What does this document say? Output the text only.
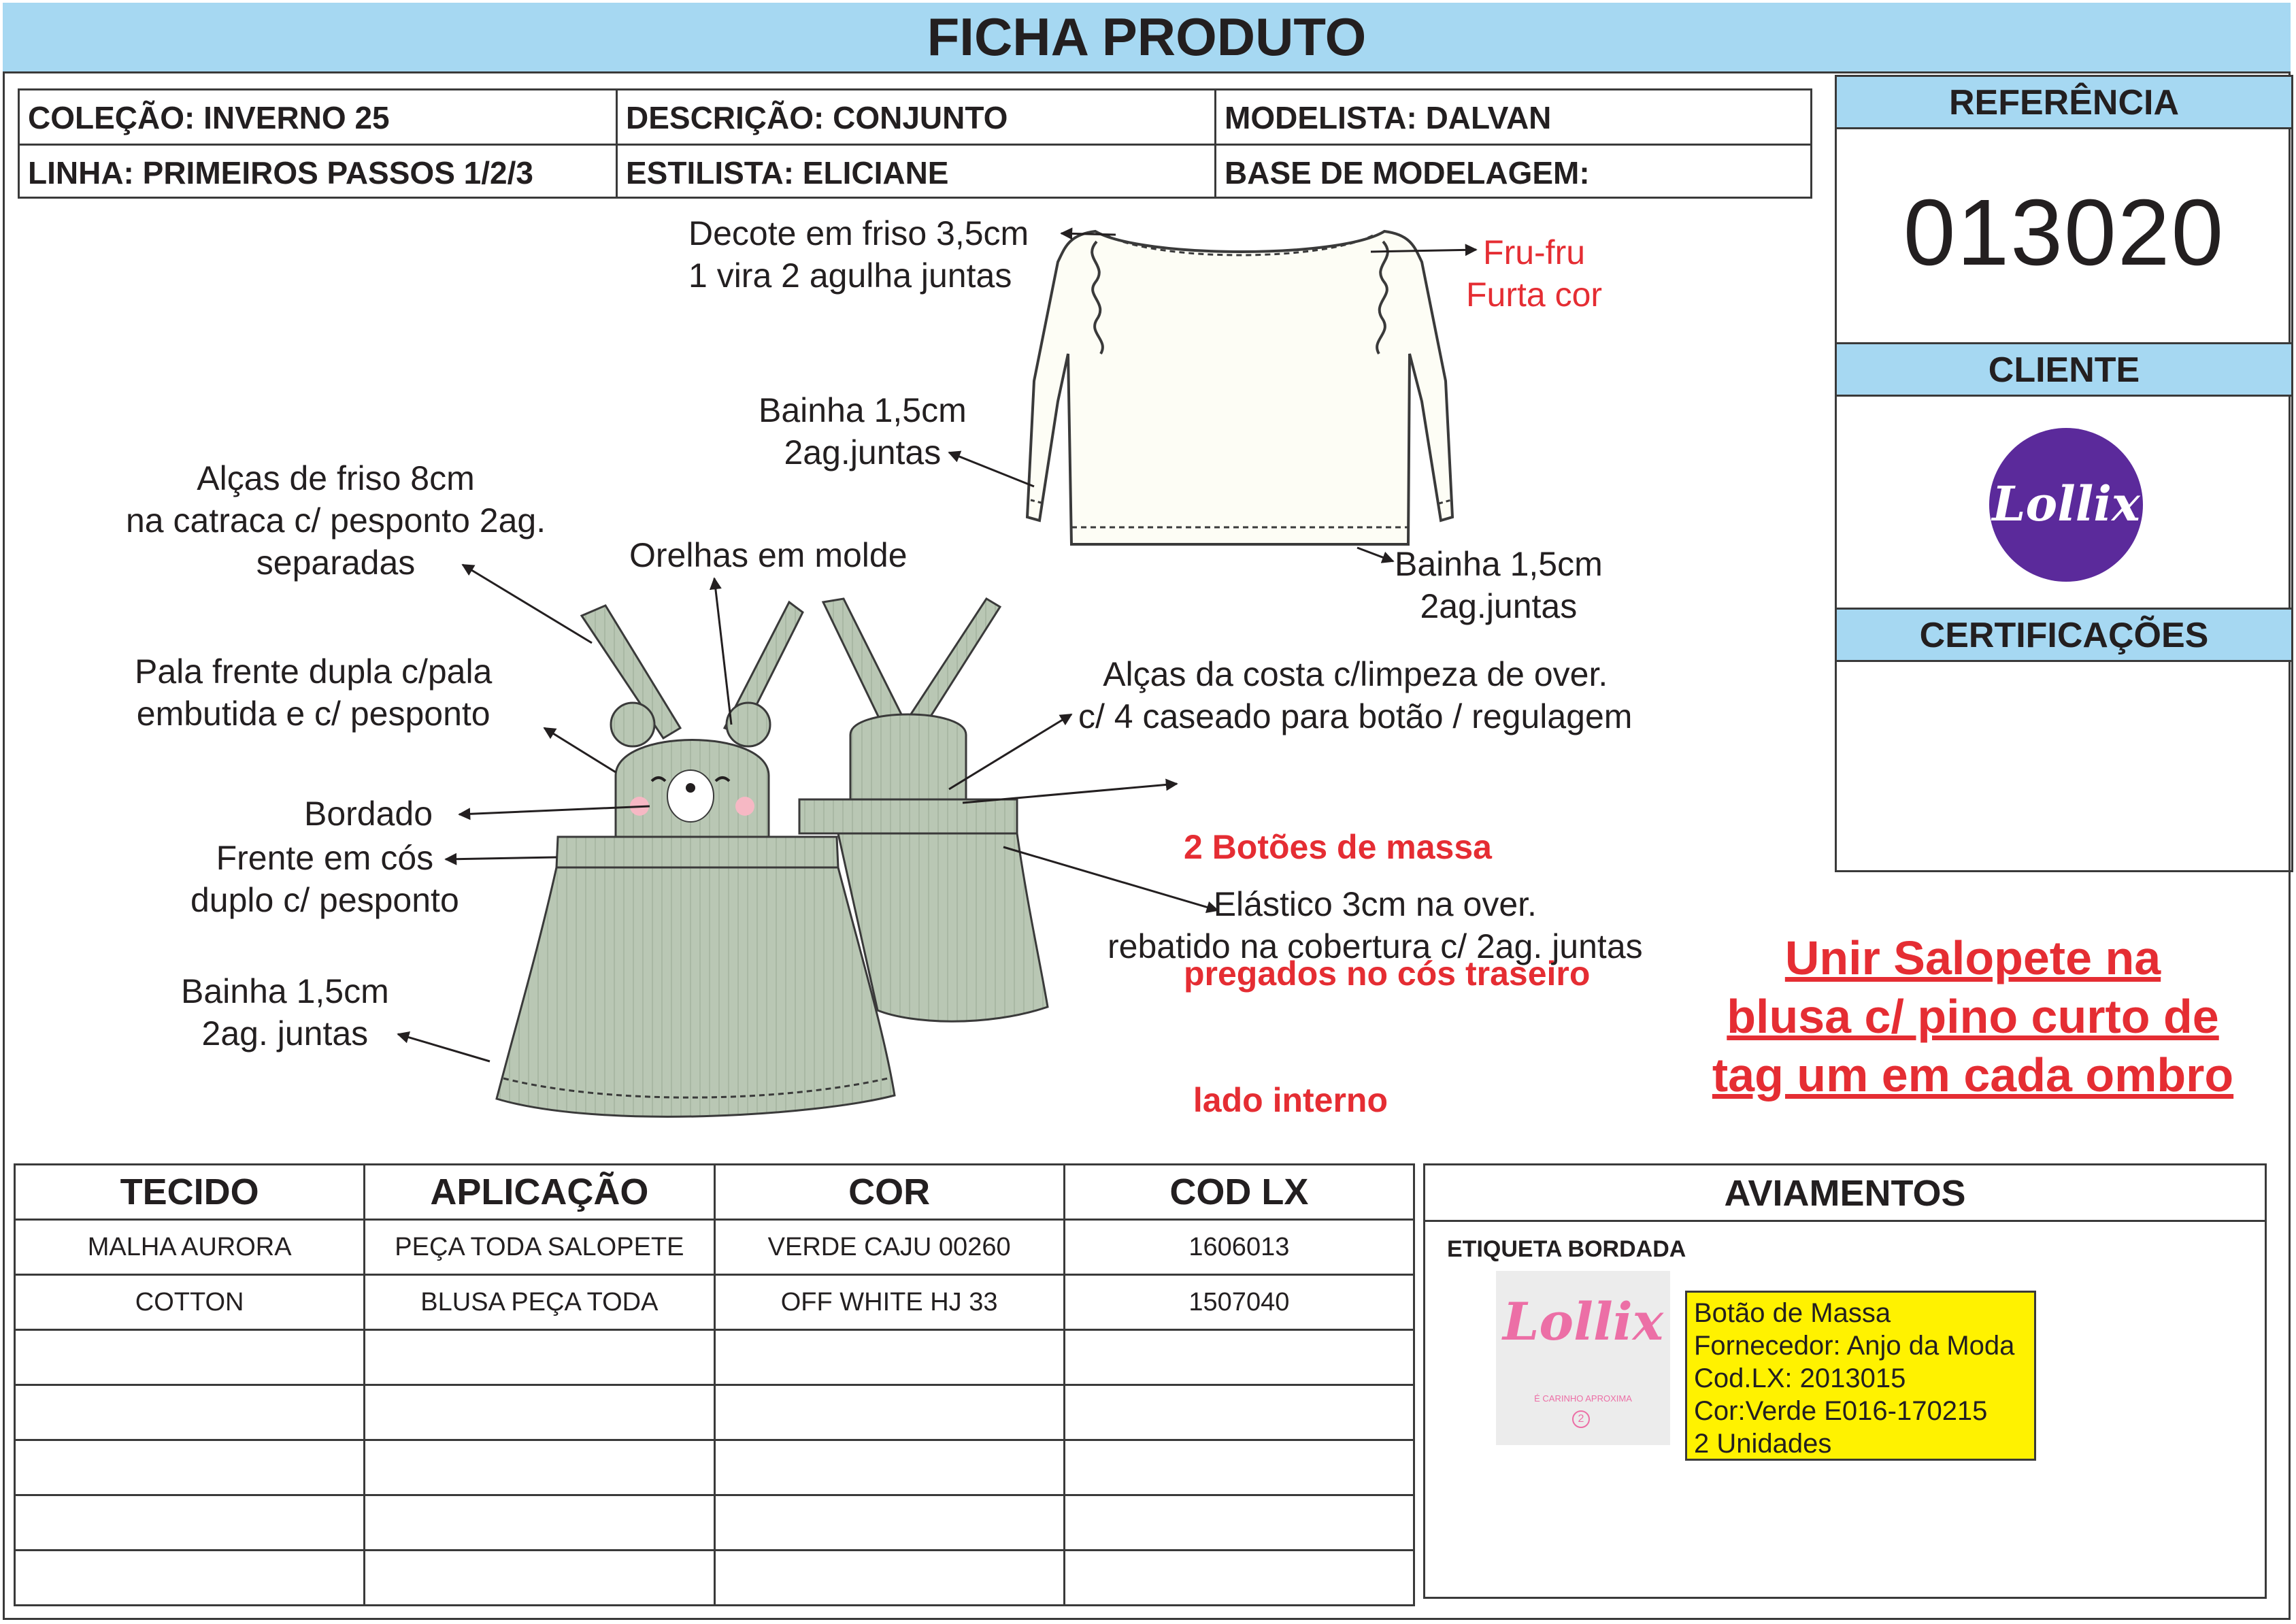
FICHA PRODUTO
COLEÇÃO: INVERNO 25	DESCRIÇÃO: CONJUNTO	MODELISTA: DALVAN
LINHA: PRIMEIROS PASSOS 1/2/3	ESTILISTA: ELICIANE	BASE DE MODELAGEM:
REFERÊNCIA
013020
CLIENTE
Lollix
CERTIFICAÇÕES
Decote em friso 3,5cm
1 vira 2 agulha juntas
Fru-fru
Furta cor
Bainha 1,5cm
2ag.juntas
Bainha 1,5cm
2ag.juntas
Alças de friso 8cm
na catraca c/ pesponto 2ag.
separadas	Orelhas em molde
Pala frente dupla c/pala
embutida e c/ pesponto
Bordado
Frente em cós
duplo c/ pesponto
Bainha 1,5cm
2ag. juntas
Alças da costa c/limpeza de over.
c/ 4 caseado para botão / regulagem

2 Botões de massa

pregados no cós traseiro

lado interno

Elástico 3cm na over.
rebatido na cobertura c/ 2ag. juntas	Unir Salopete na
blusa c/ pino curto de
tag um em cada ombro
TECIDO	APLICAÇÃO	COR	COD LX
MALHA AURORA	PEÇA TODA SALOPETE	VERDE CAJU 00260	1606013
COTTON	BLUSA PEÇA TODA	OFF WHITE HJ 33	1507040

AVIAMENTOS
ETIQUETA BORDADA
Lollix
É CARINHO APROXIMA
2
Botão de Massa
Fornecedor: Anjo da Moda
Cod.LX: 2013015
Cor:Verde E016-170215
2 Unidades
